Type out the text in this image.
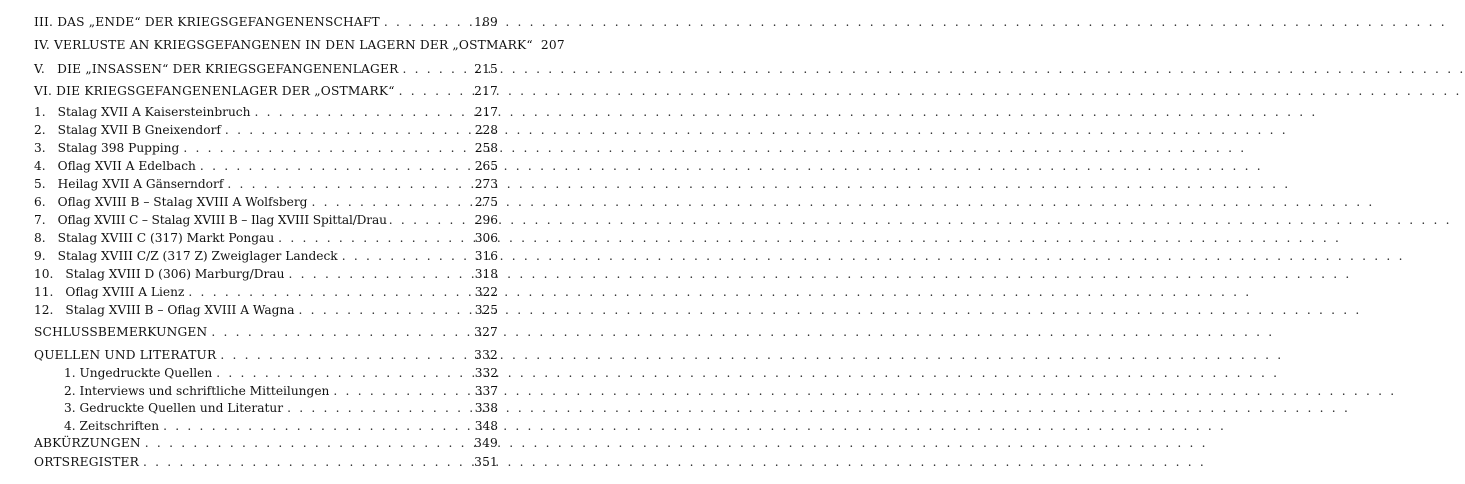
III. DAS „ENDE“ DER KRIEGSGEFANGENENSCHAFT . . .	189
IV. VERLUSTE AN KRIEGSGEFANGENEN IN DEN LAGERN DER „OSTMARK“ 207
V.   DIE „INSASSEN“ DER KRIEGSGEFANGENENLAGER . . .	215
VI. DIE KRIEGSGEFANGENENLAGER DER „OSTMARK“ . . .	217
1. Stalag XVII A Kaisersteinbruch . . .	217
2. Stalag XVII B Gneixendorf . . .	228
3. Stalag 398 Pupping . . .	258
4. Oflag XVII A Edelbach . . .	265
5. Heilag XVII A Gänserndorf . . .	273
6. Oflag XVIII B – Stalag XVIII A Wolfsberg . . .	275
7. Oflag XVIII C – Stalag XVIII B – Ilag XVIII Spittal/Drau . . .	296
8. Stalag XVIII C (317) Markt Pongau . . .	306
9. Stalag XVIII C/Z (317 Z) Zweiglager Landeck . . .	316
10. Stalag XVIII D (306) Marburg/Drau . . .	318
11. Oflag XVIII A Lienz . . .	322
12. Stalag XVIII B – Oflag XVIII A Wagna . . .	325
SCHLUSSBEMERKUNGEN . . .	327
QUELLEN UND LITERATUR . . .	332
1. Ungedruckte Quellen . . .	332
2. Interviews und schriftliche Mitteilungen . . .	337
3. Gedruckte Quellen und Literatur . . .	338
4. Zeitschriften . . .	348
ABKÜRZUNGEN . . .	349
ORTSREGISTER . . .	351
